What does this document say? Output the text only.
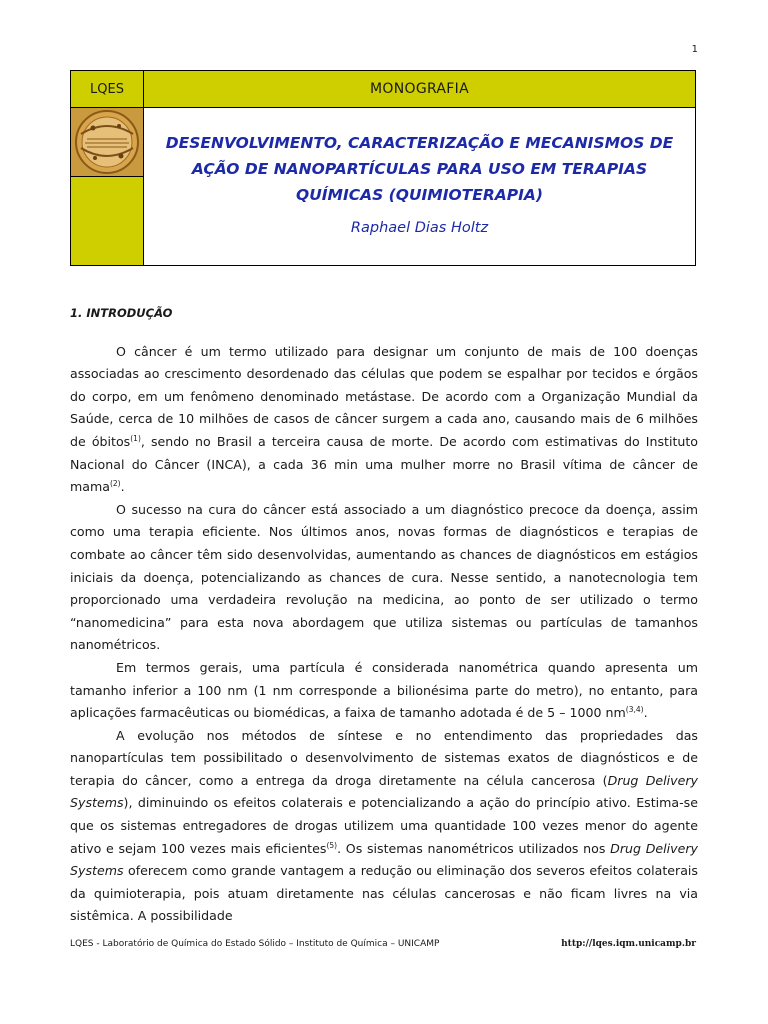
1
LQES	MONOGRAFIA
DESENVOLVIMENTO, CARACTERIZAÇÃO E MECANISMOS DE
AÇÃO DE NANOPARTÍCULAS PARA USO EM TERAPIAS
QUÍMICAS (QUIMIOTERAPIA)
Raphael Dias Holtz
1. INTRODUÇÃO

O câncer é um termo utilizado para designar um conjunto de mais de 100 doenças associadas ao crescimento desordenado das células que podem se espalhar por tecidos e órgãos do corpo, em um fenômeno denominado metástase. De acordo com a Organização Mundial da Saúde, cerca de 10 milhões de casos de câncer surgem a cada ano, causando mais de 6 milhões de óbitos$^{(1)}$, sendo no Brasil a terceira causa de morte. De acordo com estimativas do Instituto Nacional do Câncer (INCA), a cada 36 min uma mulher morre no Brasil vítima de câncer de mama$^{(2)}$.

O sucesso na cura do câncer está associado a um diagnóstico precoce da doença, assim como uma terapia eficiente. Nos últimos anos, novas formas de diagnósticos e terapias de combate ao câncer têm sido desenvolvidas, aumentando as chances de diagnósticos em estágios iniciais da doença, potencializando as chances de cura. Nesse sentido, a nanotecnologia tem proporcionado uma verdadeira revolução na medicina, ao ponto de ser utilizado o termo “nanomedicina” para esta nova abordagem que utiliza sistemas ou partículas de tamanhos nanométricos.

Em termos gerais, uma partícula é considerada nanométrica quando apresenta um tamanho inferior a 100 nm (1 nm corresponde a bilionésima parte do metro), no entanto, para aplicações farmacêuticas ou biomédicas, a faixa de tamanho adotada é de 5 – 1000 nm$^{(3,4)}$.

A evolução nos métodos de síntese e no entendimento das propriedades das nanopartículas tem possibilitado o desenvolvimento de sistemas exatos de diagnósticos e de terapia do câncer, como a entrega da droga diretamente na célula cancerosa (Drug Delivery Systems), diminuindo os efeitos colaterais e potencializando a ação do princípio ativo. Estima-se que os sistemas entregadores de drogas utilizem uma quantidade 100 vezes menor do agente ativo e sejam 100 vezes mais eficientes$^{(5)}$. Os sistemas nanométricos utilizados nos Drug Delivery Systems oferecem como grande vantagem a redução ou eliminação dos severos efeitos colaterais da quimioterapia, pois atuam diretamente nas células cancerosas e não ficam livres na via sistêmica. A possibilidade

LQES - Laboratório de Química do Estado Sólido – Instituto de Química – UNICAMP	http://lqes.iqm.unicamp.br
